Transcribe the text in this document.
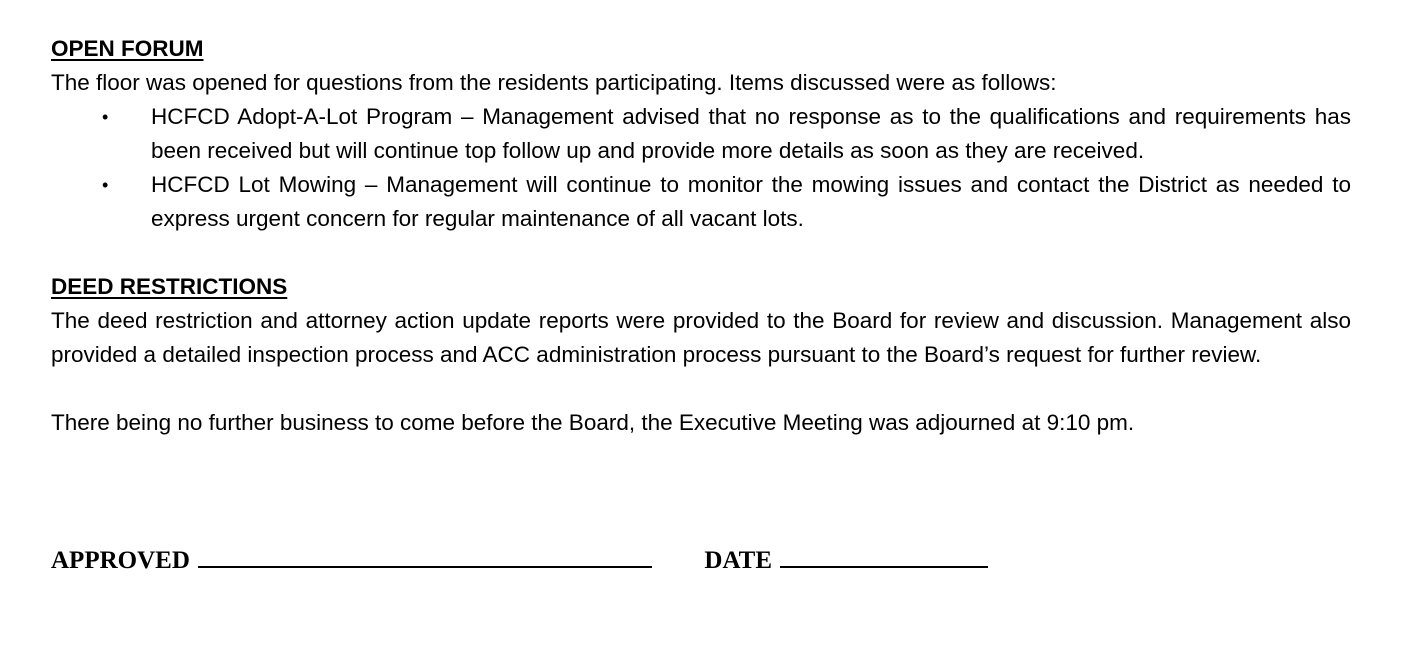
OPEN FORUM

The floor was opened for questions from the residents participating. Items discussed were as follows:

• HCFCD Adopt-A-Lot Program – Management advised that no response as to the qualifications and requirements has been received but will continue top follow up and provide more details as soon as they are received.
• HCFCD Lot Mowing – Management will continue to monitor the mowing issues and contact the District as needed to express urgent concern for regular maintenance of all vacant lots.

DEED RESTRICTIONS

The deed restriction and attorney action update reports were provided to the Board for review and discussion. Management also provided a detailed inspection process and ACC administration process pursuant to the Board’s request for further review.

There being no further business to come before the Board, the Executive Meeting was adjourned at 9:10 pm.

APPROVED	DATE
